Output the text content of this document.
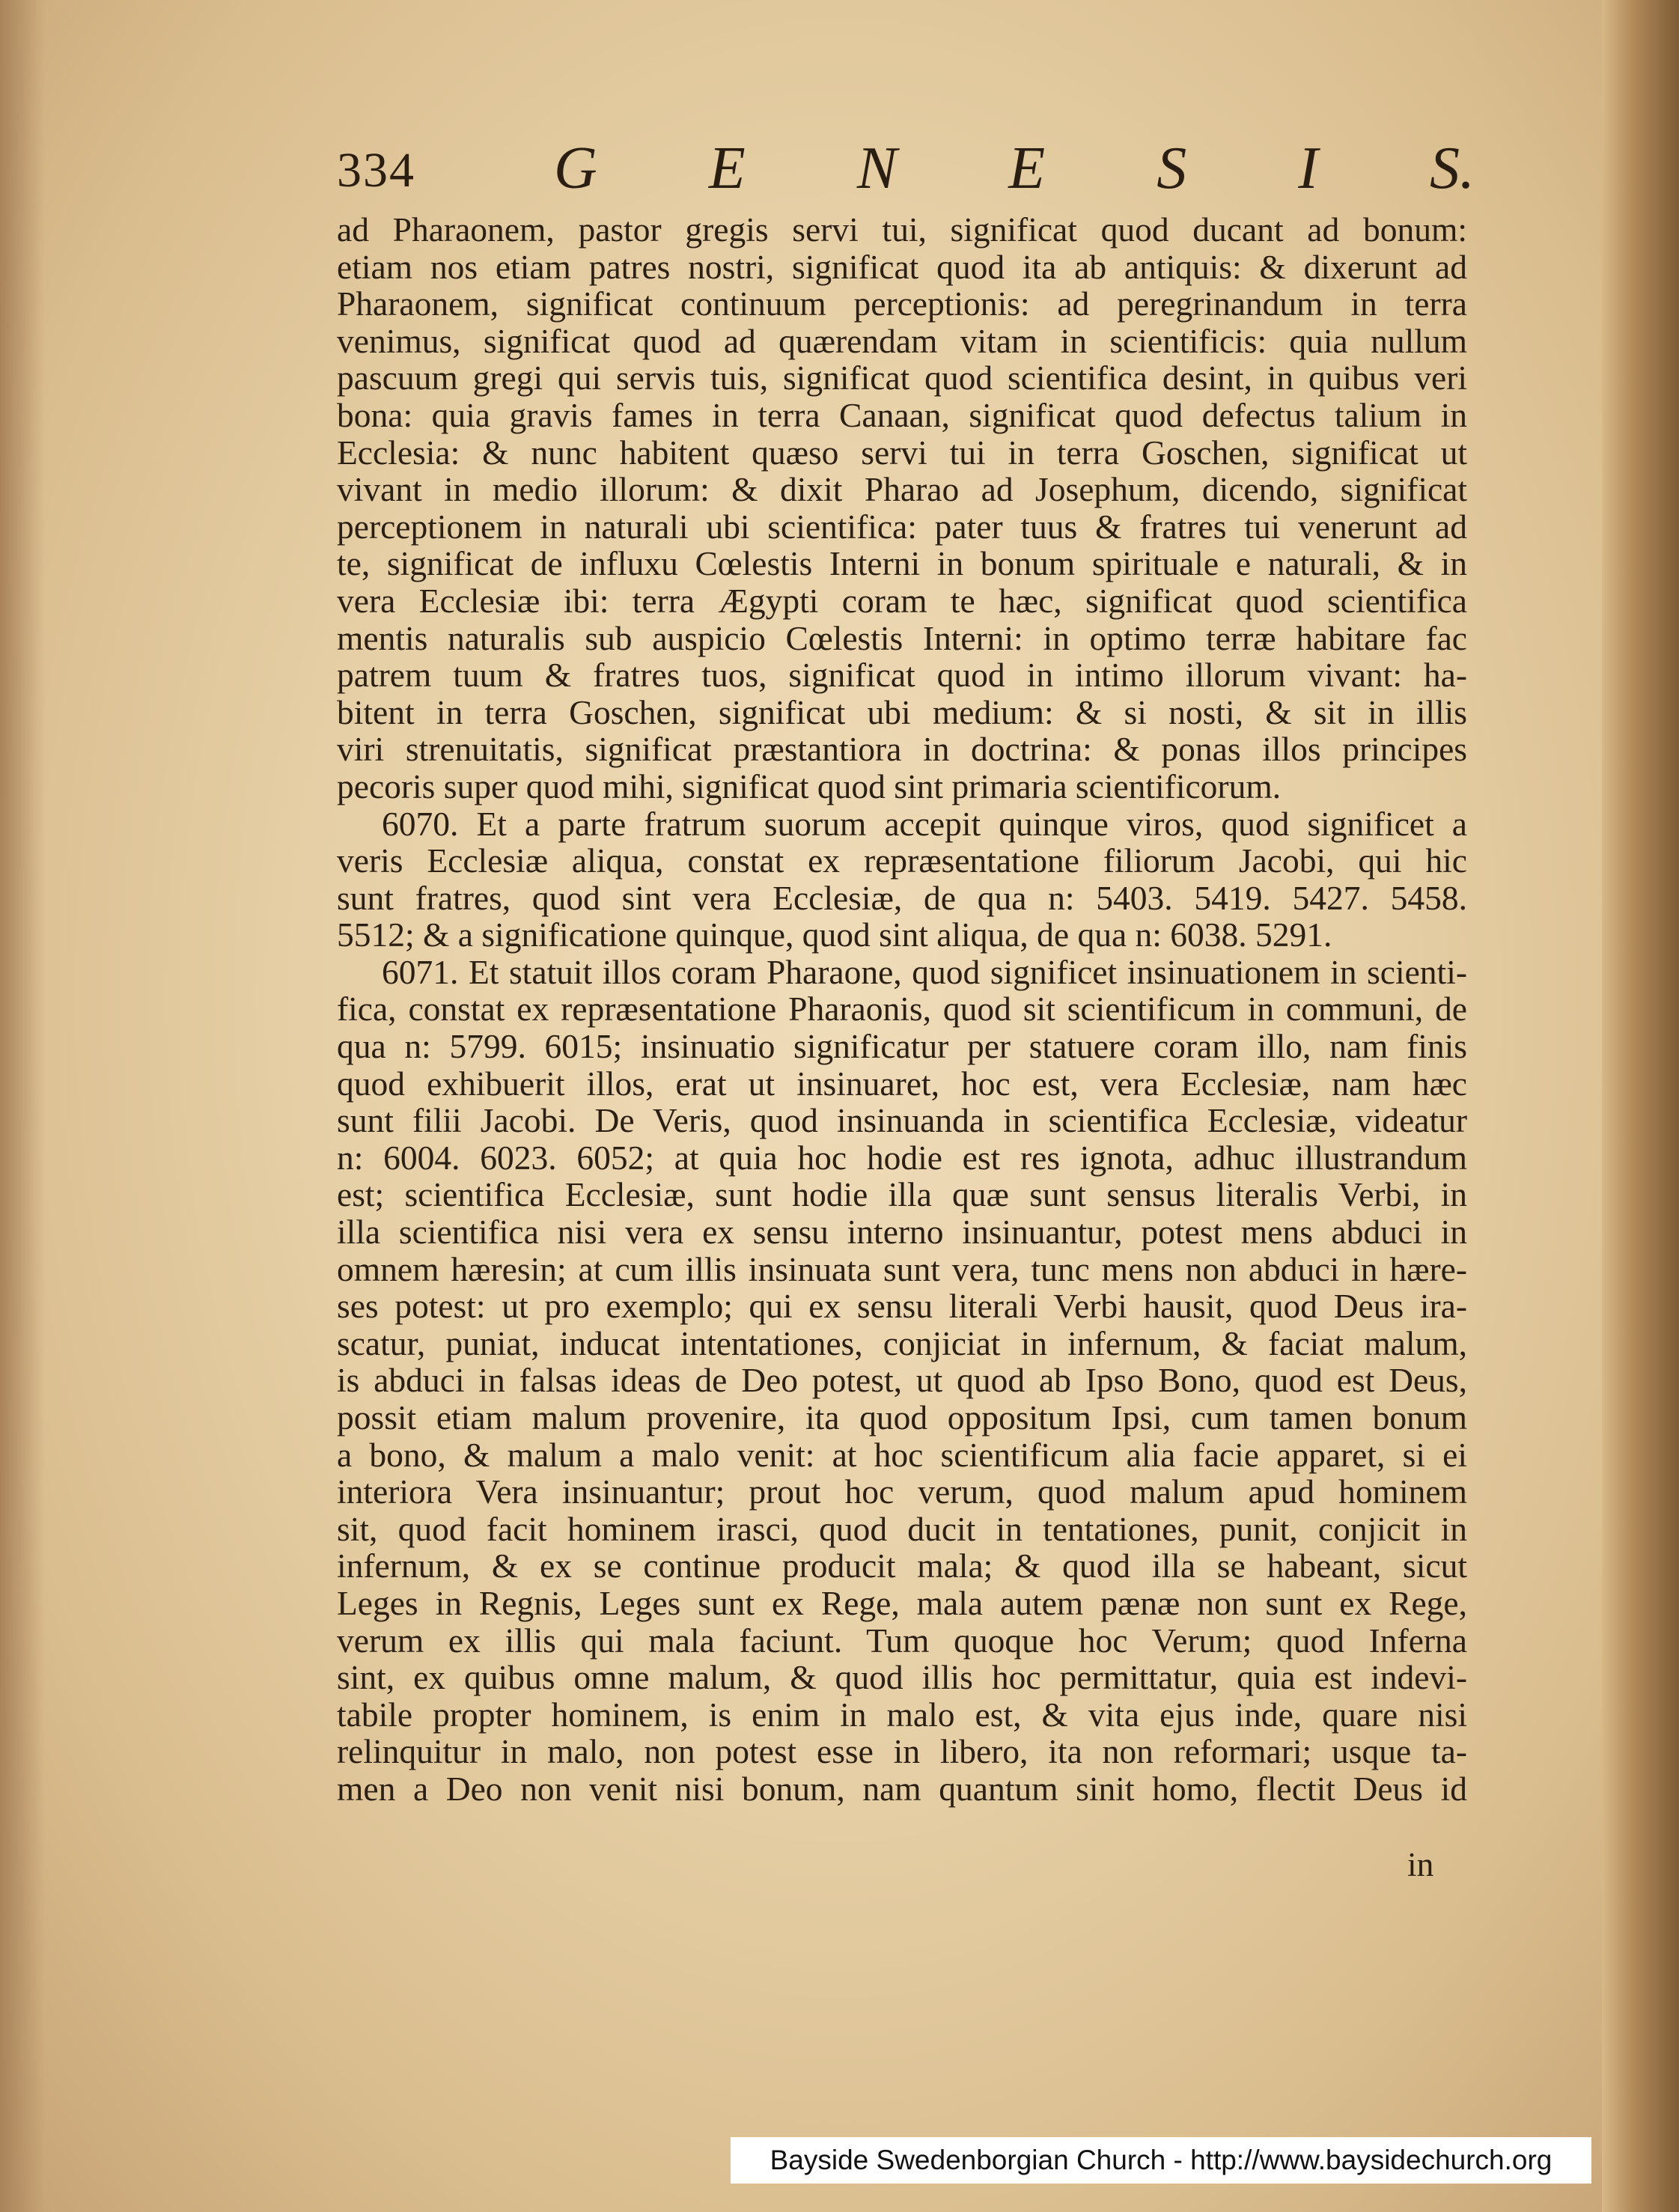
334 G E N E S I S.
ad Pharaonem, pastor gregis servi tui, significat quod ducant ad bonum:
etiam nos etiam patres nostri, significat quod ita ab antiquis: & dixerunt ad
Pharaonem, significat continuum perceptionis: ad peregrinandum in terra
venimus, significat quod ad quærendam vitam in scientificis: quia nullum
pascuum gregi qui servis tuis, significat quod scientifica desint, in quibus veri
bona: quia gravis fames in terra Canaan, significat quod defectus talium in
Ecclesia: & nunc habitent quæso servi tui in terra Goschen, significat ut
vivant in medio illorum: & dixit Pharao ad Josephum, dicendo, significat
perceptionem in naturali ubi scientifica: pater tuus & fratres tui venerunt ad
te, significat de influxu Cœlestis Interni in bonum spirituale e naturali, & in
vera Ecclesiæ ibi: terra Ægypti coram te hæc, significat quod scientifica
mentis naturalis sub auspicio Cœlestis Interni: in optimo terræ habitare fac
patrem tuum & fratres tuos, significat quod in intimo illorum vivant: ha-
bitent in terra Goschen, significat ubi medium: & si nosti, & sit in illis
viri strenuitatis, significat præstantiora in doctrina: & ponas illos principes
pecoris super quod mihi, significat quod sint primaria scientificorum.
6070. Et a parte fratrum suorum accepit quinque viros, quod significet a
veris Ecclesiæ aliqua, constat ex repræsentatione filiorum Jacobi, qui hic
sunt fratres, quod sint vera Ecclesiæ, de qua n: 5403. 5419. 5427. 5458.
5512; & a significatione quinque, quod sint aliqua, de qua n: 6038. 5291.
6071. Et statuit illos coram Pharaone, quod significet insinuationem in scienti-
fica, constat ex repræsentatione Pharaonis, quod sit scientificum in communi, de
qua n: 5799. 6015; insinuatio significatur per statuere coram illo, nam finis
quod exhibuerit illos, erat ut insinuaret, hoc est, vera Ecclesiæ, nam hæc
sunt filii Jacobi. De Veris, quod insinuanda in scientifica Ecclesiæ, videatur
n: 6004. 6023. 6052; at quia hoc hodie est res ignota, adhuc illustrandum
est; scientifica Ecclesiæ, sunt hodie illa quæ sunt sensus literalis Verbi, in
illa scientifica nisi vera ex sensu interno insinuantur, potest mens abduci in
omnem hæresin; at cum illis insinuata sunt vera, tunc mens non abduci in hære-
ses potest: ut pro exemplo; qui ex sensu literali Verbi hausit, quod Deus ira-
scatur, puniat, inducat intentationes, conjiciat in infernum, & faciat malum,
is abduci in falsas ideas de Deo potest, ut quod ab Ipso Bono, quod est Deus,
possit etiam malum provenire, ita quod oppositum Ipsi, cum tamen bonum
a bono, & malum a malo venit: at hoc scientificum alia facie apparet, si ei
interiora Vera insinuantur; prout hoc verum, quod malum apud hominem
sit, quod facit hominem irasci, quod ducit in tentationes, punit, conjicit in
infernum, & ex se continue producit mala; & quod illa se habeant, sicut
Leges in Regnis, Leges sunt ex Rege, mala autem pænæ non sunt ex Rege,
verum ex illis qui mala faciunt. Tum quoque hoc Verum; quod Inferna
sint, ex quibus omne malum, & quod illis hoc permittatur, quia est indevi-
tabile propter hominem, is enim in malo est, & vita ejus inde, quare nisi
relinquitur in malo, non potest esse in libero, ita non reformari; usque ta-
men a Deo non venit nisi bonum, nam quantum sinit homo, flectit Deus id
in
Bayside Swedenborgian Church - http://www.baysidechurch.org
